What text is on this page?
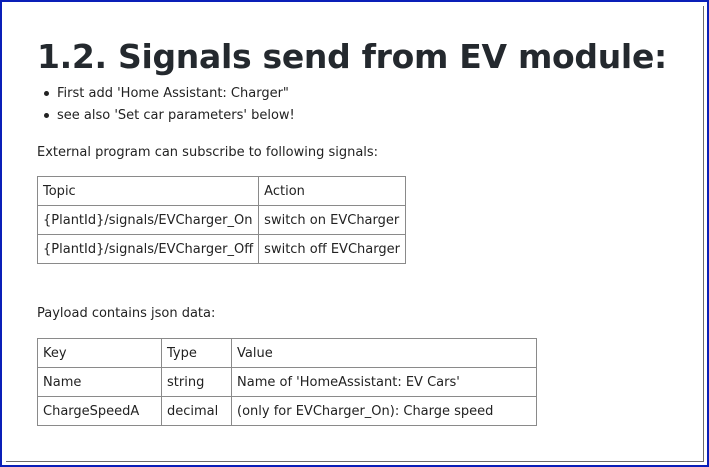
1.2. Signals send from EV module:
First add 'Home Assistant: Charger"
see also 'Set car parameters' below!

External program can subscribe to following signals:

Topic	Action
{PlantId}/signals/EVCharger_On	switch on EVCharger
{PlantId}/signals/EVCharger_Off	switch off EVCharger

Payload contains json data:

Key	Type	Value
Name	string	Name of 'HomeAssistant: EV Cars'
ChargeSpeedA	decimal	(only for EVCharger_On): Charge speed
